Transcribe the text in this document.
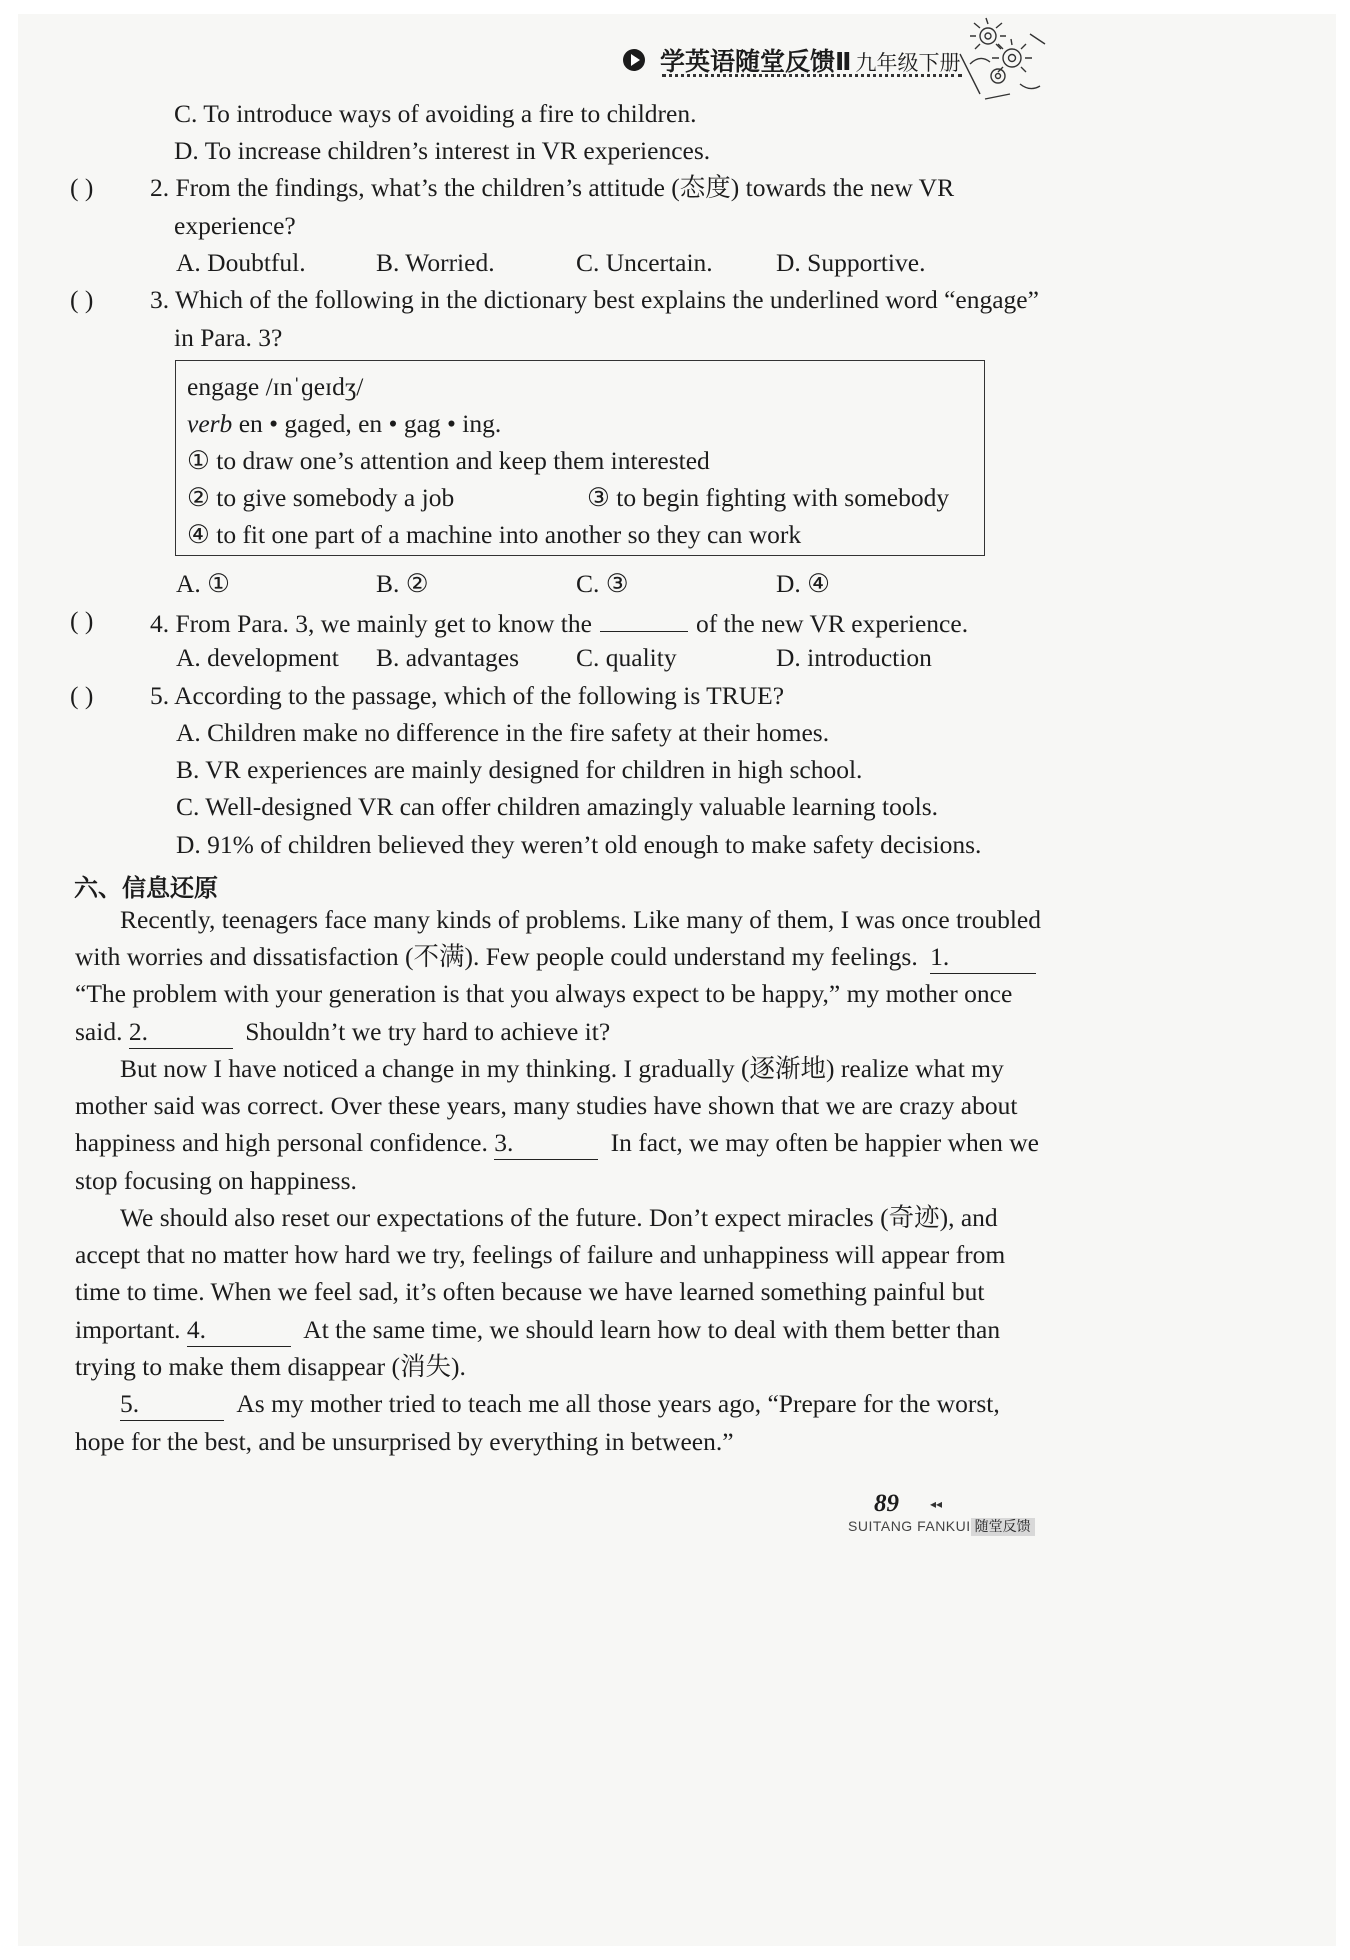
学英语随堂反馈Ⅱ 九年级下册
C. To introduce ways of avoiding a fire to children.
D. To increase children’s interest in VR experiences.
( ) 2. From the findings, what’s the children’s attitude (态度) towards the new VR
experience?
A. Doubtful.	B. Worried.	C. Uncertain. D. Supportive.
( ) 3. Which of the following in the dictionary best explains the underlined word “engage”
in Para. 3?
engage /ɪnˈɡeɪdʒ/
verb en • gaged, en • gag • ing.
① to draw one’s attention and keep them interested
② to give somebody a job	③ to begin fighting with somebody
④ to fit one part of a machine into another so they can work
A. ①	B. ②	C. ③	D. ④
( ) 4. From Para. 3, we mainly get to know the	of the new VR experience.
A. development B. advantages C. quality	D. introduction
( ) 5. According to the passage, which of the following is TRUE?
A. Children make no difference in the fire safety at their homes.
B. VR experiences are mainly designed for children in high school.
C. Well-designed VR can offer children amazingly valuable learning tools.
D. 91% of children believed they weren’t old enough to make safety decisions.
六、信息还原
Recently, teenagers face many kinds of problems. Like many of them, I was once troubled
with worries and dissatisfaction (不满). Few people could understand my feelings. 1.
“The problem with your generation is that you always expect to be happy,” my mother once
said. 2.	Shouldn’t we try hard to achieve it?
But now I have noticed a change in my thinking. I gradually (逐渐地) realize what my
mother said was correct. Over these years, many studies have shown that we are crazy about
happiness and high personal confidence. 3.	In fact, we may often be happier when we
stop focusing on happiness.
We should also reset our expectations of the future. Don’t expect miracles (奇迹), and
accept that no matter how hard we try, feelings of failure and unhappiness will appear from
time to time. When we feel sad, it’s often because we have learned something painful but
important. 4.	At the same time, we should learn how to deal with them better than
trying to make them disappear (消失).
5.	As my mother tried to teach me all those years ago, “Prepare for the worst,
hope for the best, and be unsurprised by everything in between.”
89	◂◂
SUITANG FANKUI 随堂反馈
